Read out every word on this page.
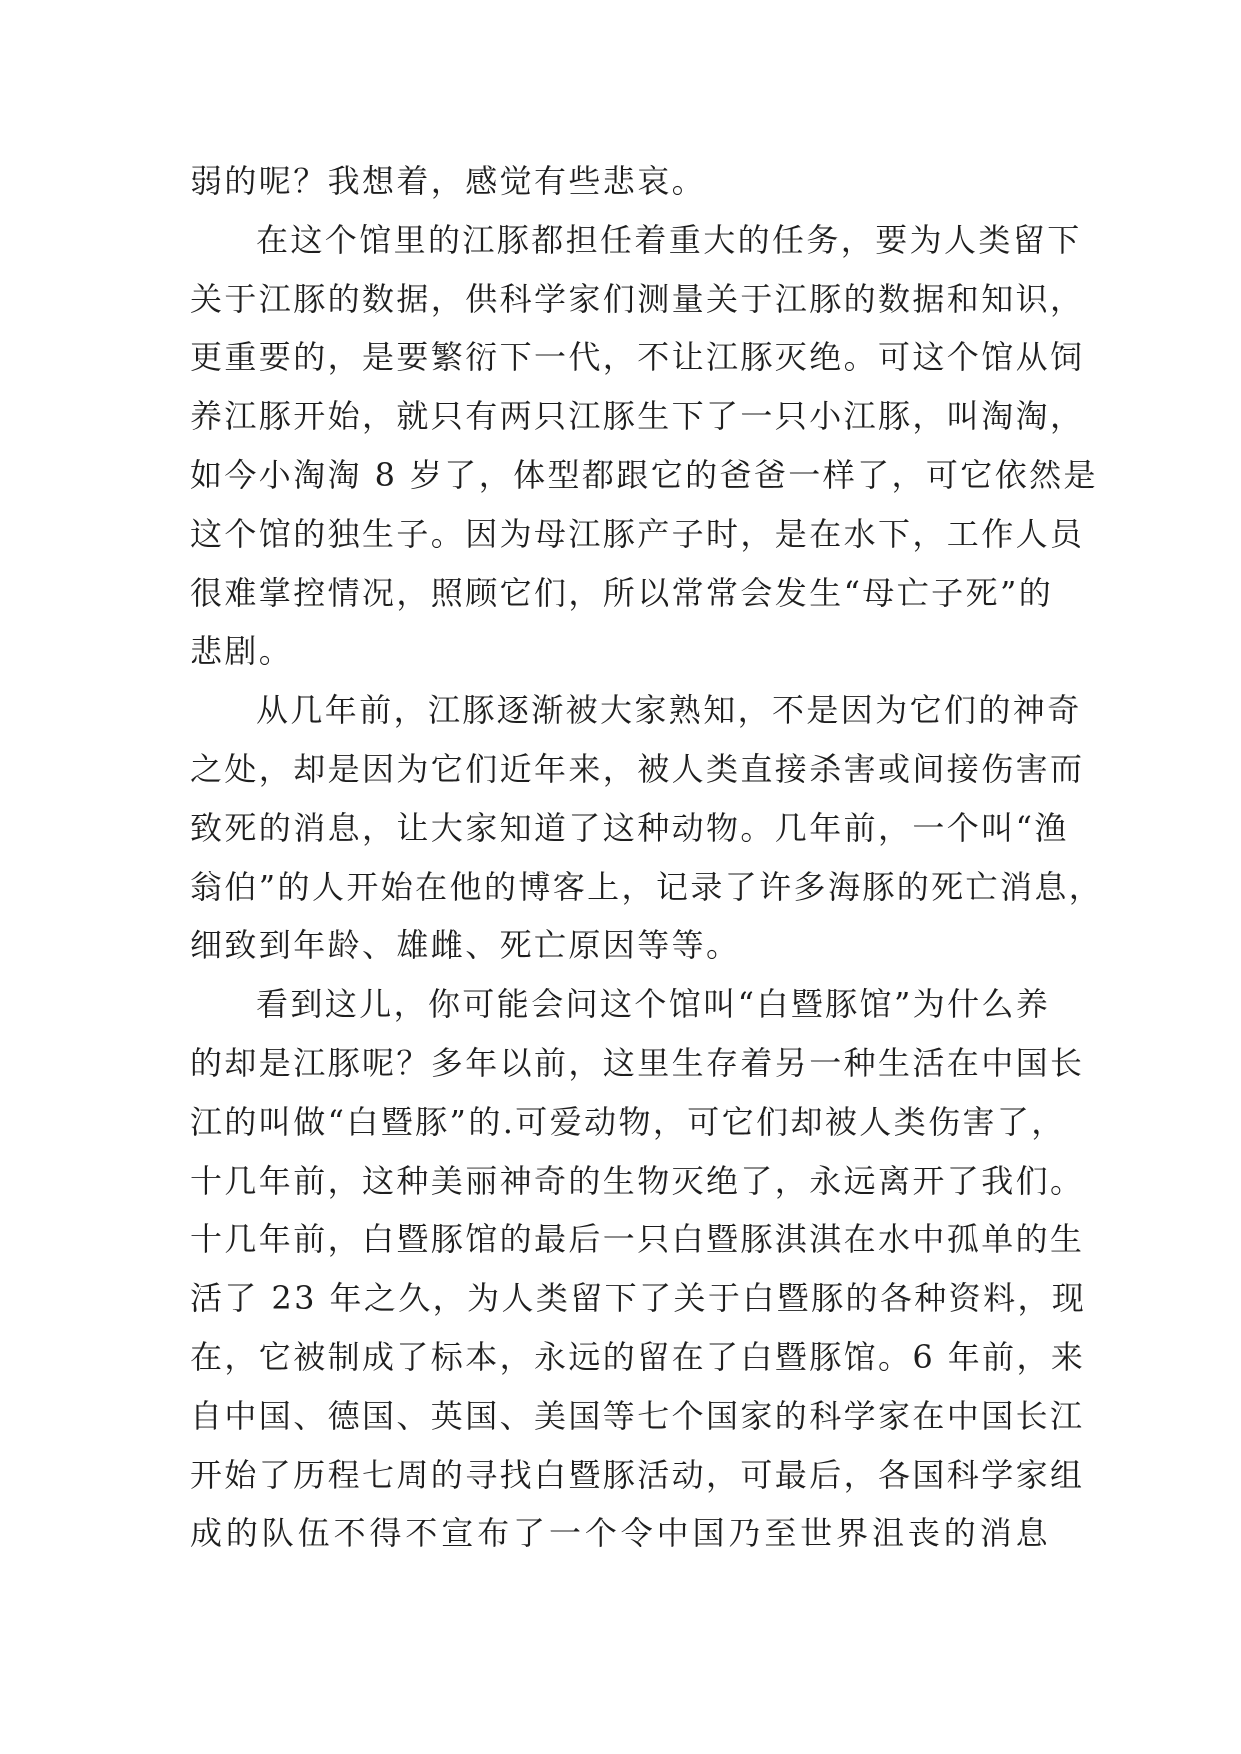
弱的呢？我想着，感觉有些悲哀。
在这个馆里的江豚都担任着重大的任务，要为人类留下
关于江豚的数据，供科学家们测量关于江豚的数据和知识，
更重要的，是要繁衍下一代，不让江豚灭绝。可这个馆从饲
养江豚开始，就只有两只江豚生下了一只小江豚，叫淘淘，
如今小淘淘 8 岁了，体型都跟它的爸爸一样了，可它依然是
这个馆的独生子。因为母江豚产子时，是在水下，工作人员
很难掌控情况，照顾它们，所以常常会发生“母亡子死”的
悲剧。
从几年前，江豚逐渐被大家熟知，不是因为它们的神奇
之处，却是因为它们近年来，被人类直接杀害或间接伤害而
致死的消息，让大家知道了这种动物。几年前，一个叫“渔
翁伯”的人开始在他的博客上，记录了许多海豚的死亡消息，
细致到年龄、雄雌、死亡原因等等。
看到这儿，你可能会问这个馆叫“白暨豚馆”为什么养
的却是江豚呢？多年以前，这里生存着另一种生活在中国长
江的叫做“白暨豚”的.可爱动物，可它们却被人类伤害了，
十几年前，这种美丽神奇的生物灭绝了，永远离开了我们。
十几年前，白暨豚馆的最后一只白暨豚淇淇在水中孤单的生
活了 23 年之久，为人类留下了关于白暨豚的各种资料，现
在，它被制成了标本，永远的留在了白暨豚馆。6 年前，来
自中国、德国、英国、美国等七个国家的科学家在中国长江
开始了历程七周的寻找白暨豚活动，可最后，各国科学家组
成的队伍不得不宣布了一个令中国乃至世界沮丧的消息
